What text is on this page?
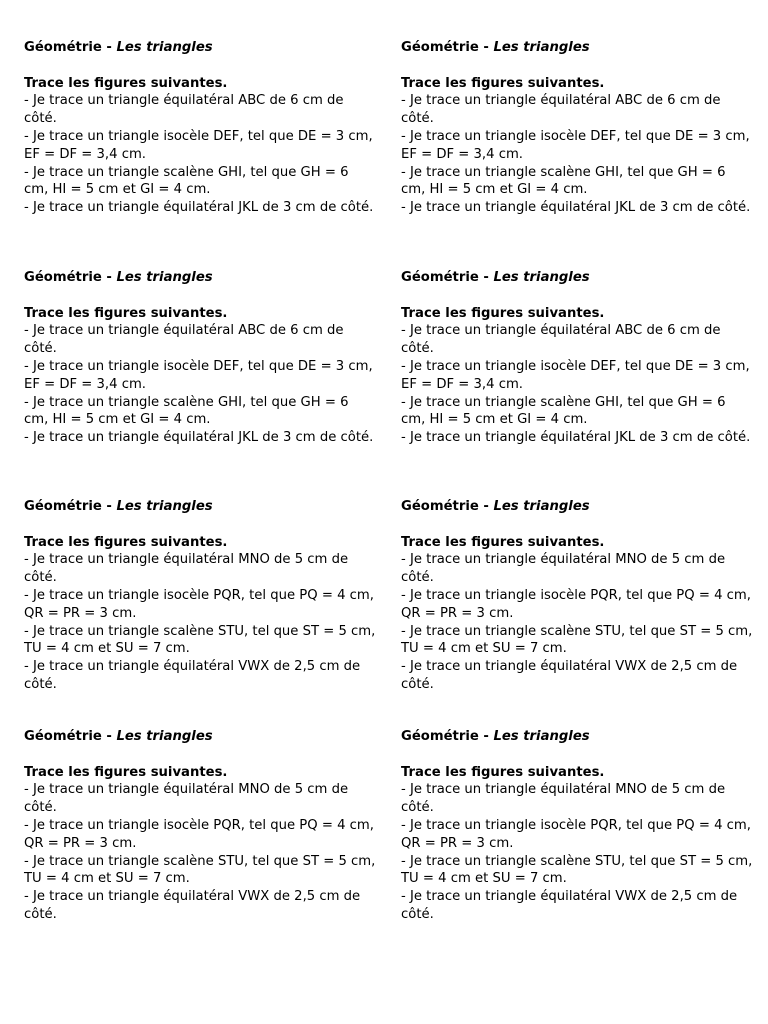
Géométrie - Les triangles

Trace les figures suivantes.

- Je trace un triangle équilatéral ABC de 6 cm de côté.

- Je trace un triangle isocèle DEF, tel que DE = 3 cm, EF = DF = 3,4 cm.

- Je trace un triangle scalène GHI, tel que GH = 6 cm, HI = 5 cm et GI = 4 cm.

- Je trace un triangle équilatéral JKL de 3 cm de côté.

Géométrie - Les triangles

Trace les figures suivantes.

- Je trace un triangle équilatéral ABC de 6 cm de côté.

- Je trace un triangle isocèle DEF, tel que DE = 3 cm, EF = DF = 3,4 cm.

- Je trace un triangle scalène GHI, tel que GH = 6 cm, HI = 5 cm et GI = 4 cm.

- Je trace un triangle équilatéral JKL de 3 cm de côté.

Géométrie - Les triangles

Trace les figures suivantes.

- Je trace un triangle équilatéral ABC de 6 cm de côté.

- Je trace un triangle isocèle DEF, tel que DE = 3 cm, EF = DF = 3,4 cm.

- Je trace un triangle scalène GHI, tel que GH = 6 cm, HI = 5 cm et GI = 4 cm.

- Je trace un triangle équilatéral JKL de 3 cm de côté.

Géométrie - Les triangles

Trace les figures suivantes.

- Je trace un triangle équilatéral ABC de 6 cm de côté.

- Je trace un triangle isocèle DEF, tel que DE = 3 cm, EF = DF = 3,4 cm.

- Je trace un triangle scalène GHI, tel que GH = 6 cm, HI = 5 cm et GI = 4 cm.

- Je trace un triangle équilatéral JKL de 3 cm de côté.

Géométrie - Les triangles

Trace les figures suivantes.

- Je trace un triangle équilatéral MNO de 5 cm de côté.

- Je trace un triangle isocèle PQR, tel que PQ = 4 cm, QR = PR = 3 cm.

- Je trace un triangle scalène STU, tel que ST = 5 cm, TU = 4 cm et SU = 7 cm.

- Je trace un triangle équilatéral VWX de 2,5 cm de côté.

Géométrie - Les triangles

Trace les figures suivantes.

- Je trace un triangle équilatéral MNO de 5 cm de côté.

- Je trace un triangle isocèle PQR, tel que PQ = 4 cm, QR = PR = 3 cm.

- Je trace un triangle scalène STU, tel que ST = 5 cm, TU = 4 cm et SU = 7 cm.

- Je trace un triangle équilatéral VWX de 2,5 cm de côté.

Géométrie - Les triangles

Trace les figures suivantes.

- Je trace un triangle équilatéral MNO de 5 cm de côté.

- Je trace un triangle isocèle PQR, tel que PQ = 4 cm, QR = PR = 3 cm.

- Je trace un triangle scalène STU, tel que ST = 5 cm, TU = 4 cm et SU = 7 cm.

- Je trace un triangle équilatéral VWX de 2,5 cm de côté.

Géométrie - Les triangles

Trace les figures suivantes.

- Je trace un triangle équilatéral MNO de 5 cm de côté.

- Je trace un triangle isocèle PQR, tel que PQ = 4 cm, QR = PR = 3 cm.

- Je trace un triangle scalène STU, tel que ST = 5 cm, TU = 4 cm et SU = 7 cm.

- Je trace un triangle équilatéral VWX de 2,5 cm de côté.
